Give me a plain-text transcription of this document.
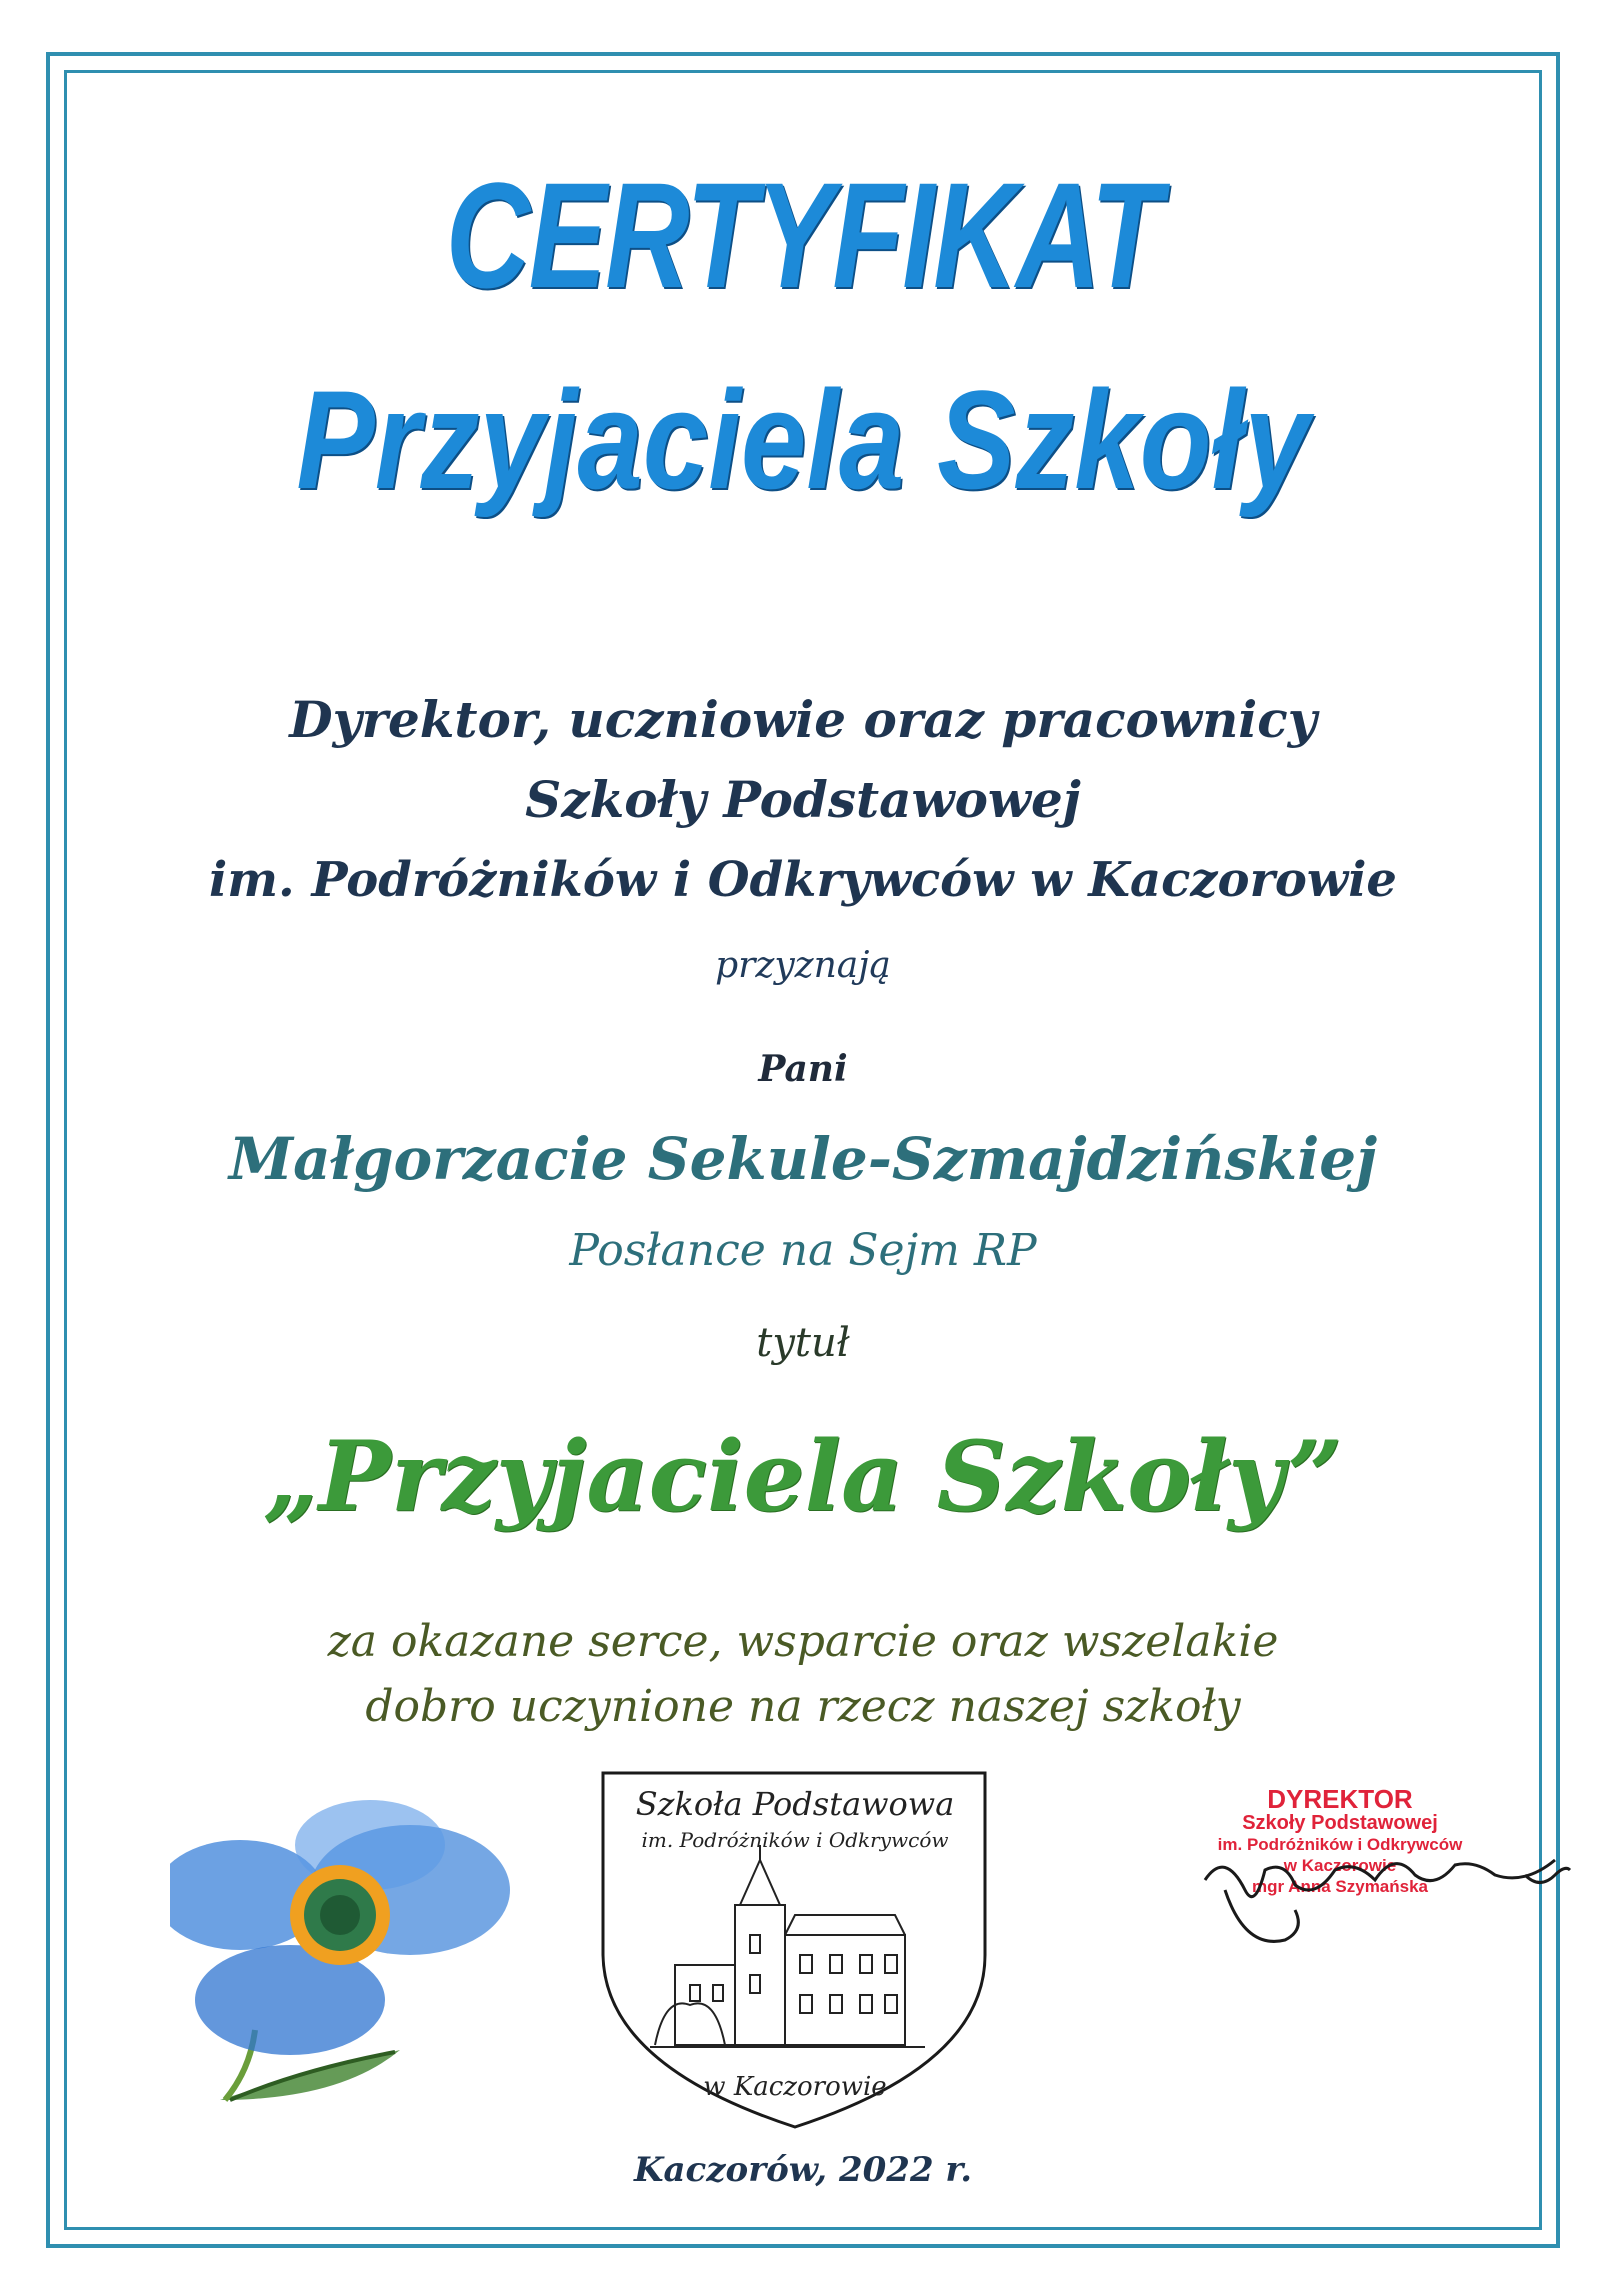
CERTYFIKAT
Przyjaciela Szkoły
Dyrektor, uczniowie oraz pracownicy
Szkoły Podstawowej
im. Podróżników i Odkrywców w Kaczorowie
przyznają
Pani
Małgorzacie Sekule-Szmajdzińskiej
Posłance na Sejm RP
tytuł
„Przyjaciela Szkoły”
za okazane serce, wsparcie oraz wszelakie
dobro uczynione na rzecz naszej szkoły
Szkoła Podstawowa
im. Podróżników i Odkrywców
w Kaczorowie
Kaczorów, 2022 r.
DYREKTOR
Szkoły Podstawowej
im. Podróżników i Odkrywców
w Kaczorowie
mgr Anna Szymańska
